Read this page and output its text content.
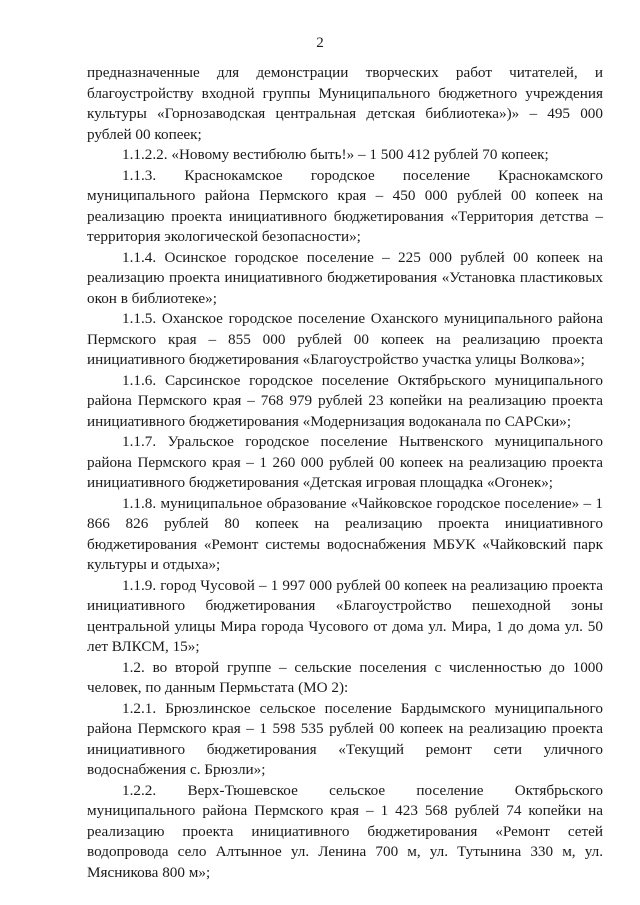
2

предназначенные для демонстрации творческих работ читателей, и благоустройству входной группы Муниципального бюджетного учреждения культуры «Горнозаводская центральная детская библиотека»)» – 495 000 рублей 00 копеек;

1.1.2.2. «Новому вестибюлю быть!» – 1 500 412 рублей 70 копеек;

1.1.3. Краснокамское городское поселение Краснокамского муниципального района Пермского края – 450 000 рублей 00 копеек на реализацию проекта инициативного бюджетирования «Территория детства – территория экологической безопасности»;

1.1.4. Осинское городское поселение – 225 000 рублей 00 копеек на реализацию проекта инициативного бюджетирования «Установка пластиковых окон в библиотеке»;

1.1.5. Оханское городское поселение Оханского муниципального района Пермского края – 855 000 рублей 00 копеек на реализацию проекта инициативного бюджетирования «Благоустройство участка улицы Волкова»;

1.1.6. Сарсинское городское поселение Октябрьского муниципального района Пермского края – 768 979 рублей 23 копейки на реализацию проекта инициативного бюджетирования «Модернизация водоканала по САРСки»;

1.1.7. Уральское городское поселение Нытвенского муниципального района Пермского края – 1 260 000 рублей 00 копеек на реализацию проекта инициативного бюджетирования «Детская игровая площадка «Огонек»;

1.1.8. муниципальное образование «Чайковское городское поселение» – 1 866 826 рублей 80 копеек на реализацию проекта инициативного бюджетирования «Ремонт системы водоснабжения МБУК «Чайковский парк культуры и отдыха»;

1.1.9. город Чусовой – 1 997 000 рублей 00 копеек на реализацию проекта инициативного бюджетирования «Благоустройство пешеходной зоны центральной улицы Мира города Чусового от дома ул. Мира, 1 до дома ул. 50 лет ВЛКСМ, 15»;

1.2. во второй группе – сельские поселения с численностью до 1000 человек, по данным Пермьстата (МО 2):

1.2.1. Брюзлинское сельское поселение Бардымского муниципального района Пермского края – 1 598 535 рублей 00 копеек на реализацию проекта инициативного бюджетирования «Текущий ремонт сети уличного водоснабжения с. Брюзли»;

1.2.2. Верх-Тюшевское сельское поселение Октябрьского муниципального района Пермского края – 1 423 568 рублей 74 копейки на реализацию проекта инициативного бюджетирования «Ремонт сетей водопровода село Алтынное ул. Ленина 700 м, ул. Тутынина 330 м, ул. Мясникова 800 м»;
